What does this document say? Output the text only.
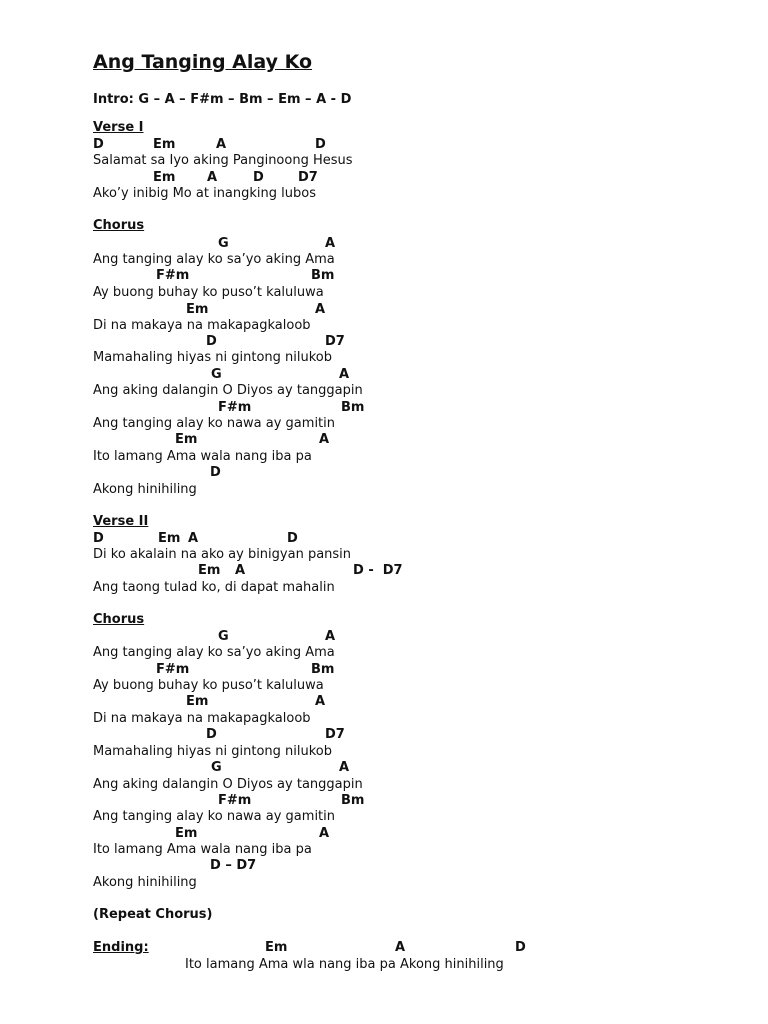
Ang Tanging Alay Ko
Intro: G – A – F#m – Bm – Em – A - D
Verse I
D	Em	A	D
Salamat sa Iyo aking Panginoong Hesus
Em A	D	D7
Ako’y inibig Mo at inangking lubos
Chorus
G	A
Ang tanging alay ko sa’yo aking Ama
F#m	Bm
Ay buong buhay ko puso’t kaluluwa
Em	A
Di na makaya na makapagkaloob
D	D7
Mamahaling hiyas ni gintong nilukob
G	A
Ang aking dalangin O Diyos ay tanggapin
F#m	Bm
Ang tanging alay ko nawa ay gamitin
Em	A
Ito lamang Ama wala nang iba pa
D
Akong hinihiling
Verse II
D	Em A	D
Di ko akalain na ako ay binigyan pansin
Em A	D -  D7
Ang taong tulad ko, di dapat mahalin
Chorus
G	A
Ang tanging alay ko sa’yo aking Ama
F#m	Bm
Ay buong buhay ko puso’t kaluluwa
Em	A
Di na makaya na makapagkaloob
D	D7
Mamahaling hiyas ni gintong nilukob
G	A
Ang aking dalangin O Diyos ay tanggapin
F#m	Bm
Ang tanging alay ko nawa ay gamitin
Em	A
Ito lamang Ama wala nang iba pa
D – D7
Akong hinihiling
(Repeat Chorus)
Ending:	Em	A	D
Ito lamang Ama wla nang iba pa Akong hinihiling
